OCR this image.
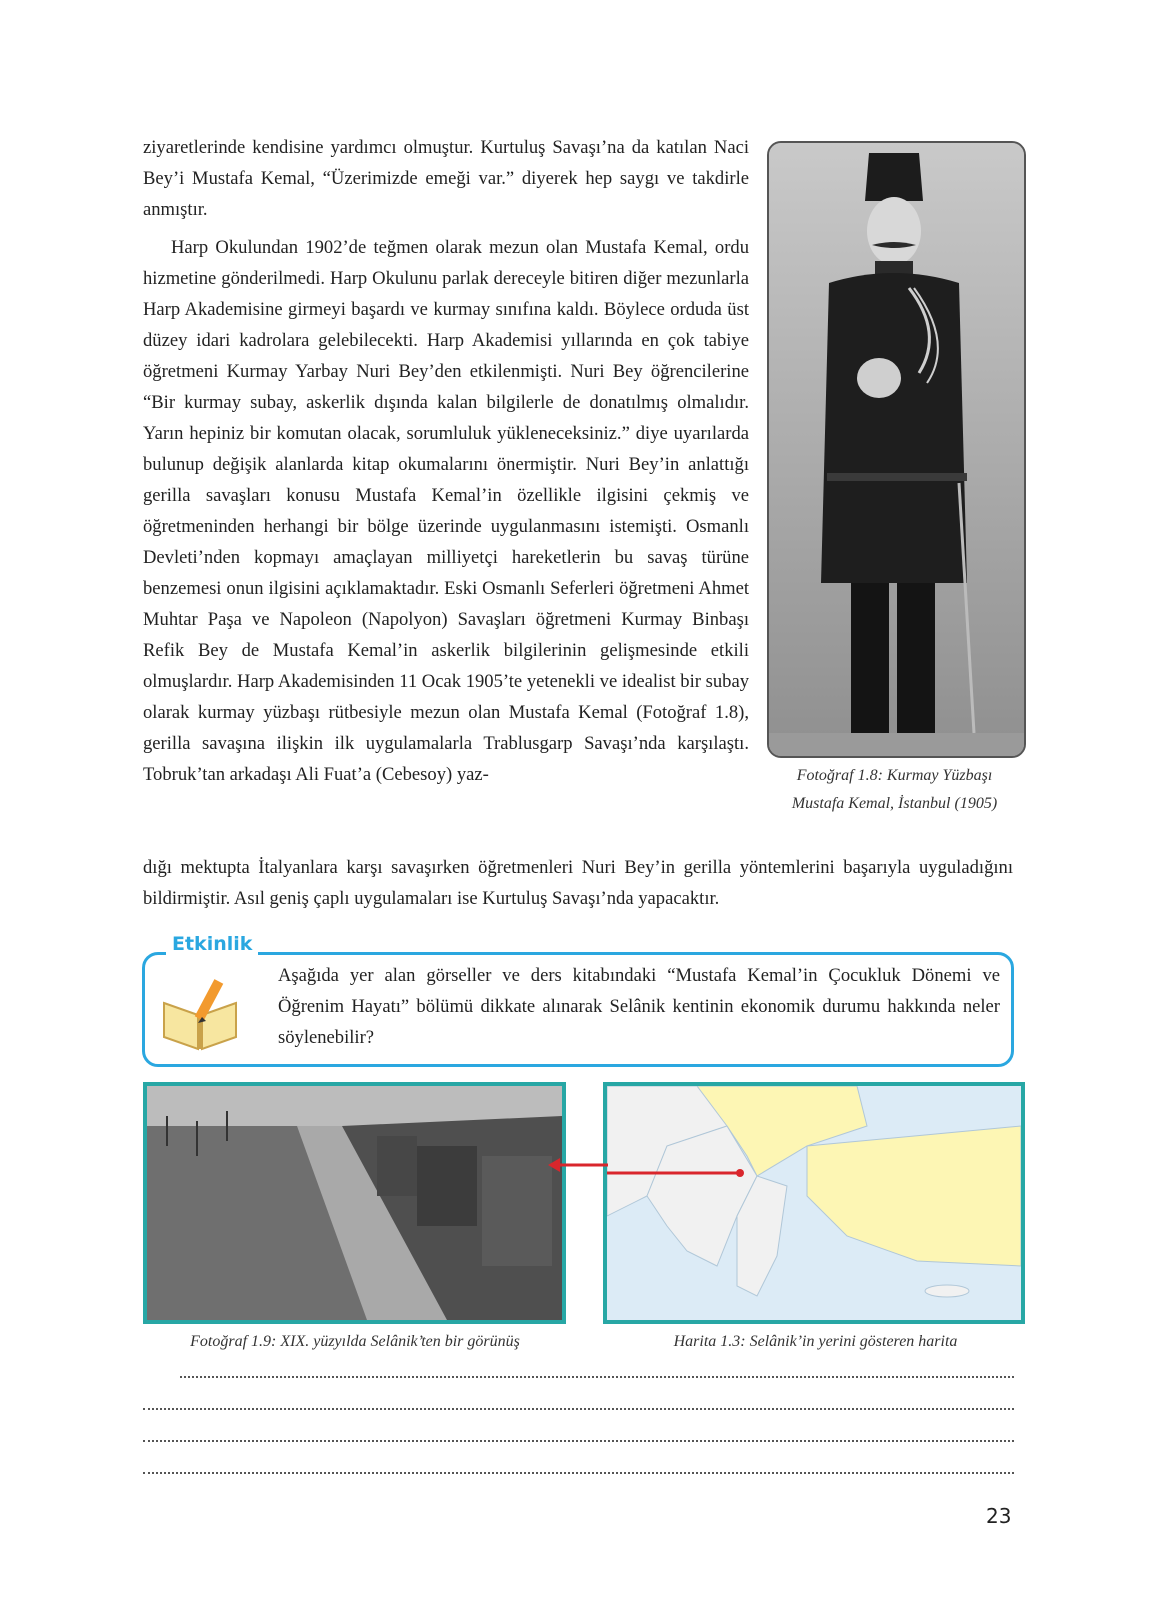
ziyaretlerinde kendisine yardımcı olmuştur. Kurtuluş Savaşı’na da katılan Naci Bey’i Mustafa Kemal, “Üzerimizde emeği var.” diyerek hep saygı ve takdirle anmıştır.

Harp Okulundan 1902’de teğmen olarak mezun olan Mustafa Kemal, ordu hizmetine gönderilmedi. Harp Okulunu parlak dereceyle bitiren diğer mezunlarla Harp Akademisine girmeyi başardı ve kurmay sınıfına kaldı. Böylece orduda üst düzey idari kadrolara gelebilecekti. Harp Akademisi yıllarında en çok tabiye öğretmeni Kurmay Yarbay Nuri Bey’den etkilenmişti. Nuri Bey öğrencilerine “Bir kurmay subay, askerlik dışında kalan bilgilerle de donatılmış olmalıdır. Yarın hepiniz bir komutan olacak, sorumluluk yükleneceksiniz.” diye uyarılarda bulunup değişik alanlarda kitap okumalarını önermiştir. Nuri Bey’in anlattığı gerilla savaşları konusu Mustafa Kemal’in özellikle ilgisini çekmiş ve öğretmeninden herhangi bir bölge üzerinde uygulanmasını istemişti. Osmanlı Devleti’nden kopmayı amaçlayan milliyetçi hareketlerin bu savaş türüne benzemesi onun ilgisini açıklamaktadır. Eski Osmanlı Seferleri öğretmeni Ahmet Muhtar Paşa ve Napoleon (Napolyon) Savaşları öğretmeni Kurmay Binbaşı Refik Bey de Mustafa Kemal’in askerlik bilgilerinin gelişmesinde etkili olmuşlardır. Harp Akademisinden 11 Ocak 1905’te yetenekli ve idealist bir subay olarak kurmay yüzbaşı rütbesiyle mezun olan Mustafa Kemal (Fotoğraf 1.8), gerilla savaşına ilişkin ilk uygulamalarla Trablusgarp Savaşı’nda karşılaştı. Tobruk’tan arkadaşı Ali Fuat’a (Cebesoy) yaz-	Fotoğraf 1.8: Kurmay Yüzbaşı
Mustafa Kemal, İstanbul (1905)
dığı mektupta İtalyanlara karşı savaşırken öğretmenleri Nuri Bey’in gerilla yöntemlerini başarıyla uyguladığını bildirmiştir. Asıl geniş çaplı uygulamaları ise Kurtuluş Savaşı’nda yapacaktır.
Etkinlik
Aşağıda yer alan görseller ve ders kitabındaki “Mustafa Kemal’in Çocukluk Dönemi ve Öğrenim Hayatı” bölümü dikkate alınarak Selânik kentinin ekonomik durumu hakkında neler söylenebilir?
Fotoğraf 1.9: XIX. yüzyılda Selânik’ten bir görünüş	Harita 1.3: Selânik’in yerini gösteren harita
23
